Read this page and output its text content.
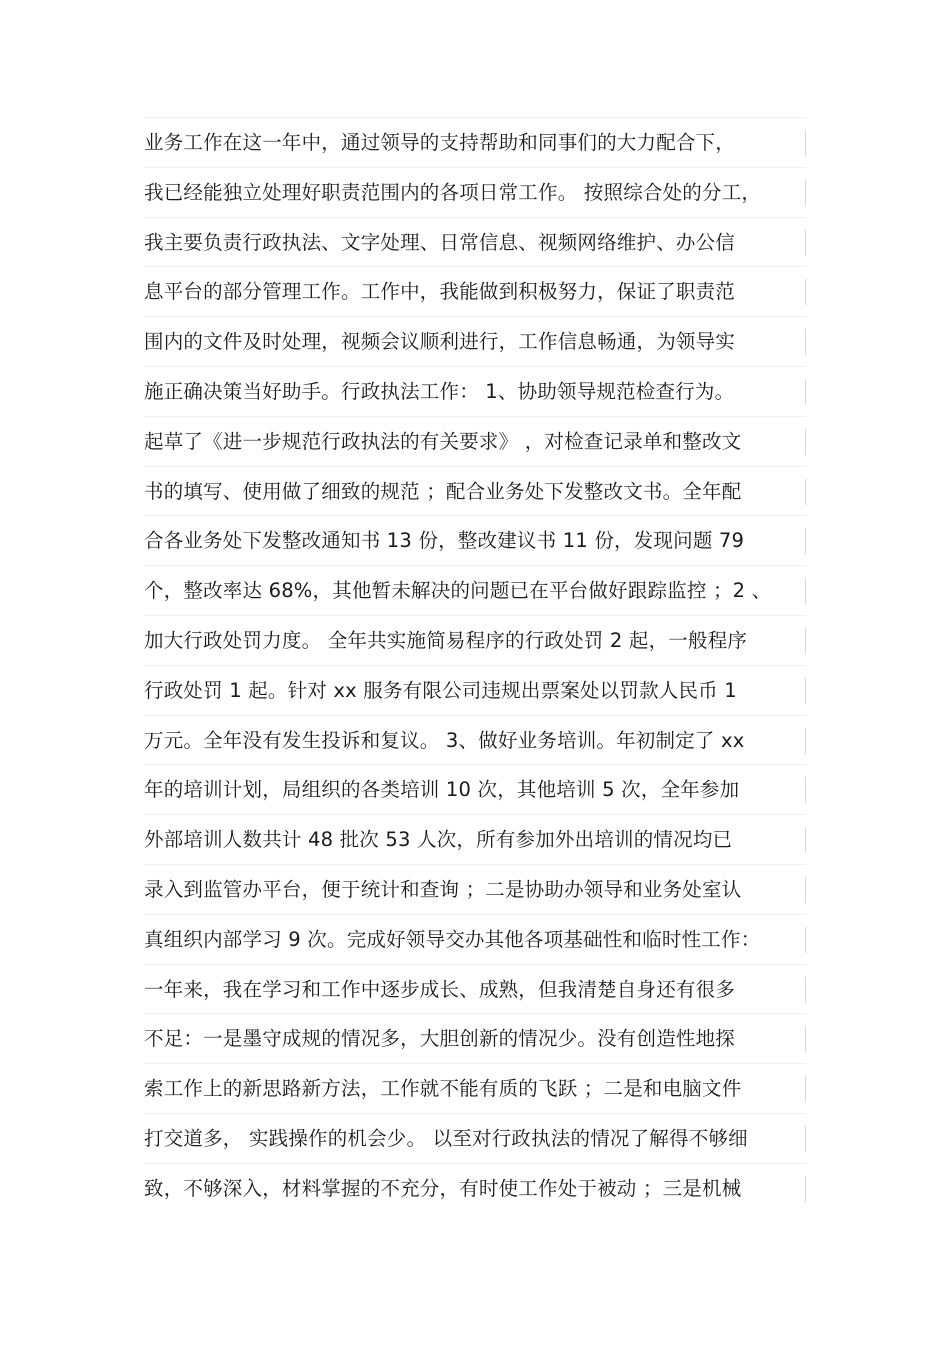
业务工作在这一年中，通过领导的支持帮助和同事们的大力配合下，
我已经能独立处理好职责范围内的各项日常工作。 按照综合处的分工，
我主要负责行政执法、文字处理、日常信息、视频网络维护、办公信
息平台的部分管理工作。工作中，我能做到积极努力，保证了职责范
围内的文件及时处理，视频会议顺利进行，工作信息畅通，为领导实
施正确决策当好助手。行政执法工作： 1、协助领导规范检查行为。
起草了《进一步规范行政执法的有关要求》 ，对检查记录单和整改文
书的填写、使用做了细致的规范 ；配合业务处下发整改文书。全年配
合各业务处下发整改通知书 13 份，整改建议书 11 份，发现问题 79
个，整改率达 68%，其他暂未解决的问题已在平台做好跟踪监控 ；2 、
加大行政处罚力度。 全年共实施简易程序的行政处罚 2 起，一般程序
行政处罚 1 起。针对 xx 服务有限公司违规出票案处以罚款人民币 1
万元。全年没有发生投诉和复议。 3、做好业务培训。年初制定了 xx
年的培训计划，局组织的各类培训 10 次，其他培训 5 次，全年参加
外部培训人数共计 48 批次 53 人次，所有参加外出培训的情况均已
录入到监管办平台，便于统计和查询 ；二是协助办领导和业务处室认
真组织内部学习 9 次。完成好领导交办其他各项基础性和临时性工作：
一年来，我在学习和工作中逐步成长、成熟，但我清楚自身还有很多
不足：一是墨守成规的情况多，大胆创新的情况少。没有创造性地探
索工作上的新思路新方法，工作就不能有质的飞跃 ；二是和电脑文件
打交道多， 实践操作的机会少。 以至对行政执法的情况了解得不够细
致，不够深入，材料掌握的不充分，有时使工作处于被动 ；三是机械
